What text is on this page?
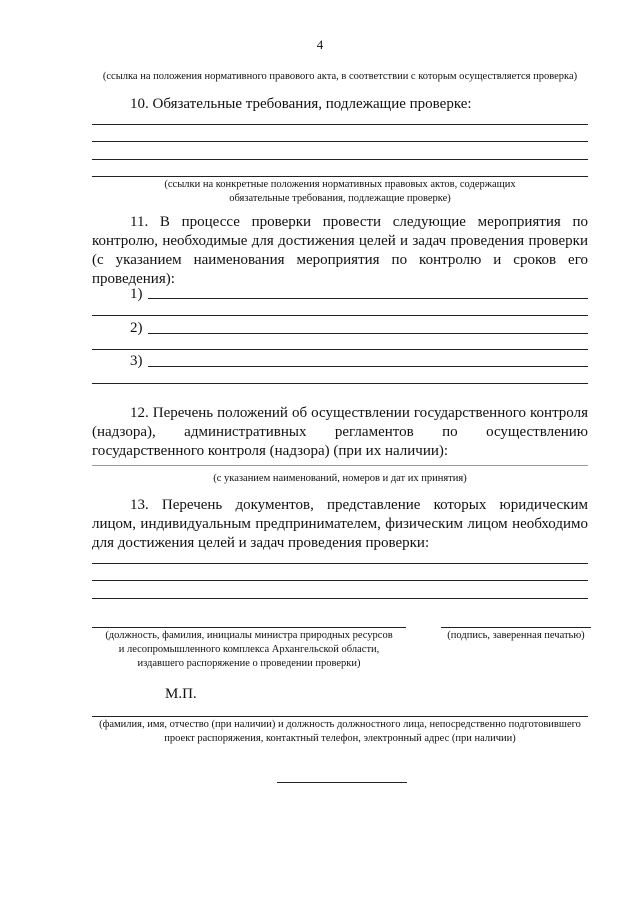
4
(ссылка на положения нормативного правового акта, в соответствии с которым осуществляется проверка)
10. Обязательные требования, подлежащие проверке:
(ссылки на конкретные положения нормативных правовых актов, содержащих
обязательные требования, подлежащие проверке)
11. В процессе проверки провести следующие мероприятия по контролю, необходимые для достижения целей и задач проведения проверки (с указанием наименования мероприятия по контролю и сроков его проведения):
1)
2)
3)
12. Перечень положений об осуществлении государственного контроля (надзора), административных регламентов по осуществлению государственного контроля (надзора) (при их наличии):
(с указанием наименований, номеров и дат их принятия)
13. Перечень документов, представление которых юридическим лицом, индивидуальным предпринимателем, физическим лицом необходимо для достижения целей и задач проведения проверки:
(должность, фамилия, инициалы министра природных ресурсов
и лесопромышленного комплекса Архангельской области,
издавшего распоряжение о проведении проверки)
(подпись, заверенная печатью)
М.П.
(фамилия, имя, отчество (при наличии) и должность должностного лица, непосредственно подготовившего
проект распоряжения, контактный телефон, электронный адрес (при наличии)
